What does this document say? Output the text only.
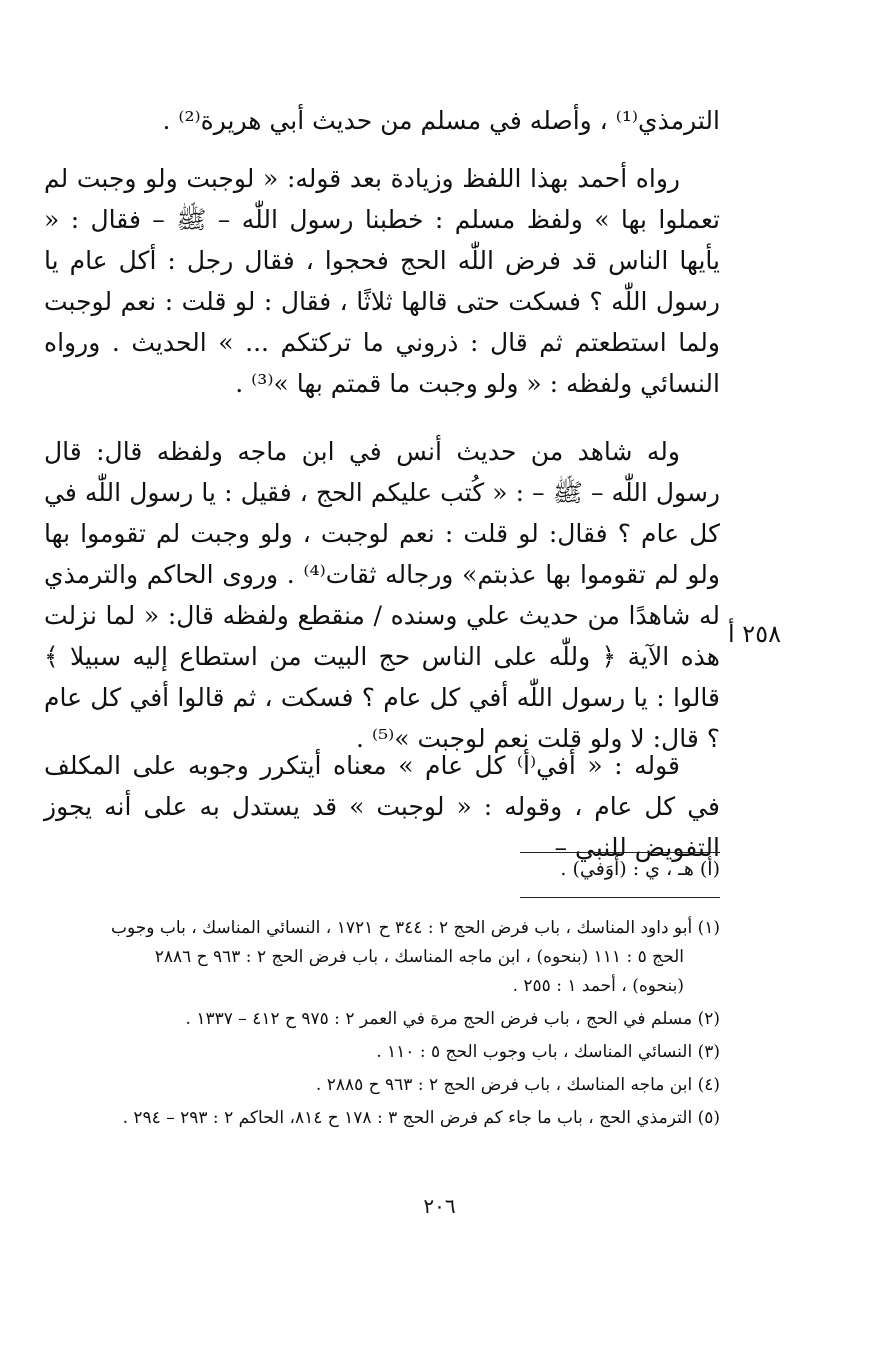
الترمذي⁽¹⁾ ، وأصله في مسلم من حديث أبي هريرة⁽²⁾ .

رواه أحمد بهذا اللفظ وزيادة بعد قوله: « لوجبت ولو وجبت لم تعملوا بها » ولفظ مسلم : خطبنا رسول اللّٰه – ﷺ – فقال : « يأيها الناس قد فرض اللّٰه الحج فحجوا ، فقال رجل : أكل عام يا رسول اللّٰه ؟ فسكت حتى قالها ثلاثًا ، فقال : لو قلت : نعم لوجبت ولما استطعتم ثم قال : ذروني ما تركتكم ... » الحديث . ورواه النسائي ولفظه : « ولو وجبت ما قمتم بها »⁽³⁾ .

وله شاهد من حديث أنس في ابن ماجه ولفظه قال: قال رسول اللّٰه – ﷺ – : « كُتب عليكم الحج ، فقيل : يا رسول اللّٰه في كل عام ؟ فقال: لو قلت : نعم لوجبت ، ولو وجبت لم تقوموا بها ولو لم تقوموا بها عذبتم» ورجاله ثقات⁽⁴⁾ . وروى الحاكم والترمذي له شاهدًا من حديث علي وسنده / منقطع ولفظه قال: « لما نزلت هذه الآية ﴿ وللّٰه على الناس حج البيت من استطاع إليه سبيلا ﴾ قالوا : يا رسول اللّٰه أفي كل عام ؟ فسكت ، ثم قالوا أفي كل عام ؟ قال: لا ولو قلت نعم لوجبت »⁽⁵⁾ .

قوله : « أفي⁽أ⁾ كل عام » معناه أيتكرر وجوبه على المكلف في كل عام ، وقوله : « لوجبت » قد يستدل به على أنه يجوز التفويض للنبي –

٢٥٨ أ
(أ) هـ ، ي : (أَوَفي) .
(١) أبو داود المناسك ، باب فرض الحج ٢ : ٣٤٤ ح ١٧٢١ ، النسائي المناسك ، باب وجوب
الحج ٥ : ١١١ (بنحوه) ، ابن ماجه المناسك ، باب فرض الحج ٢ : ٩٦٣ ح ٢٨٨٦
(بنحوه) ، أحمد ١ : ٢٥٥ .
(٢) مسلم في الحج ، باب فرض الحج مرة في العمر ٢ : ٩٧٥ ح ٤١٢ – ١٣٣٧ .
(٣) النسائي المناسك ، باب وجوب الحج ٥ : ١١٠ .
(٤) ابن ماجه المناسك ، باب فرض الحج ٢ : ٩٦٣ ح ٢٨٨٥ .
(٥) الترمذي الحج ، باب ما جاء كم فرض الحج ٣ : ١٧٨ ح ٨١٤، الحاكم ٢ : ٢٩٣ – ٢٩٤ .
٢٠٦
